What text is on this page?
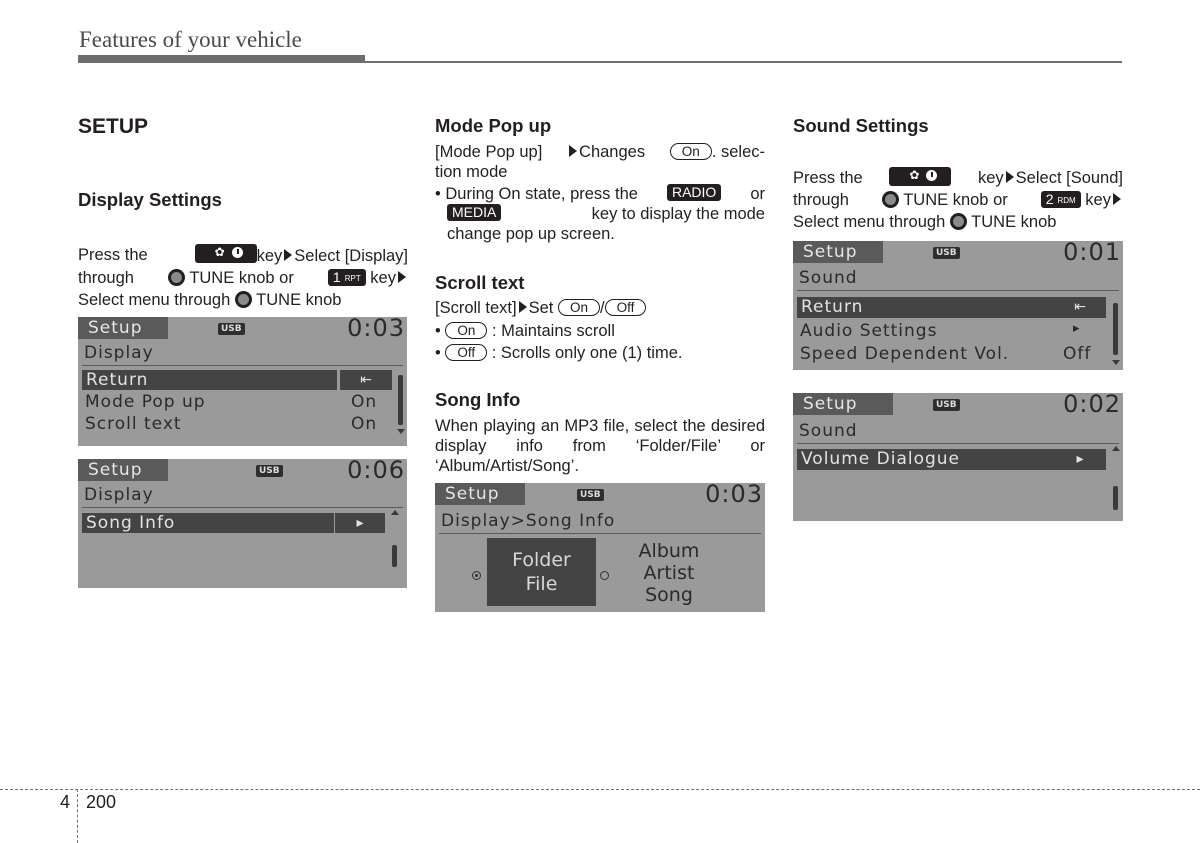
Features of your vehicle
SETUP
Display Settings
Press the	✿ key Select [Display]
through	TUNE knob or	1 $_{RPT}$ key
Select menu through TUNE knob
Setup	USB	0:03
Display
Return	⇤
Mode Pop up	On
Scroll text	On
Setup	USB	0:06
Display
Song Info	▸
Mode Pop up
[Mode Pop up]	Changes	On . selec-
tion mode
• During On state, press the	RADIO	or
MEDIA	key to display the mode
change pop up screen.
Scroll text
[Scroll text] Set On / Off
• On : Maintains scroll
• Off : Scrolls only one (1) time.
Song Info
When playing an MP3 file, select the desired display info from ‘Folder/File’ or ‘Album/Artist/Song’.
Setup	USB	0:03
Display>Song Info
Folder
File
Album
Artist
Song
Sound Settings
Press the	✿	key Select [Sound]
through	TUNE knob or	2 $_{RDM}$ key
Select menu through TUNE knob
Setup	USB	0:01
Sound
Return	⇤
Audio Settings	▸
Speed Dependent Vol.	Off
Setup	USB	0:02
Sound
Volume Dialogue	▸
4 200
